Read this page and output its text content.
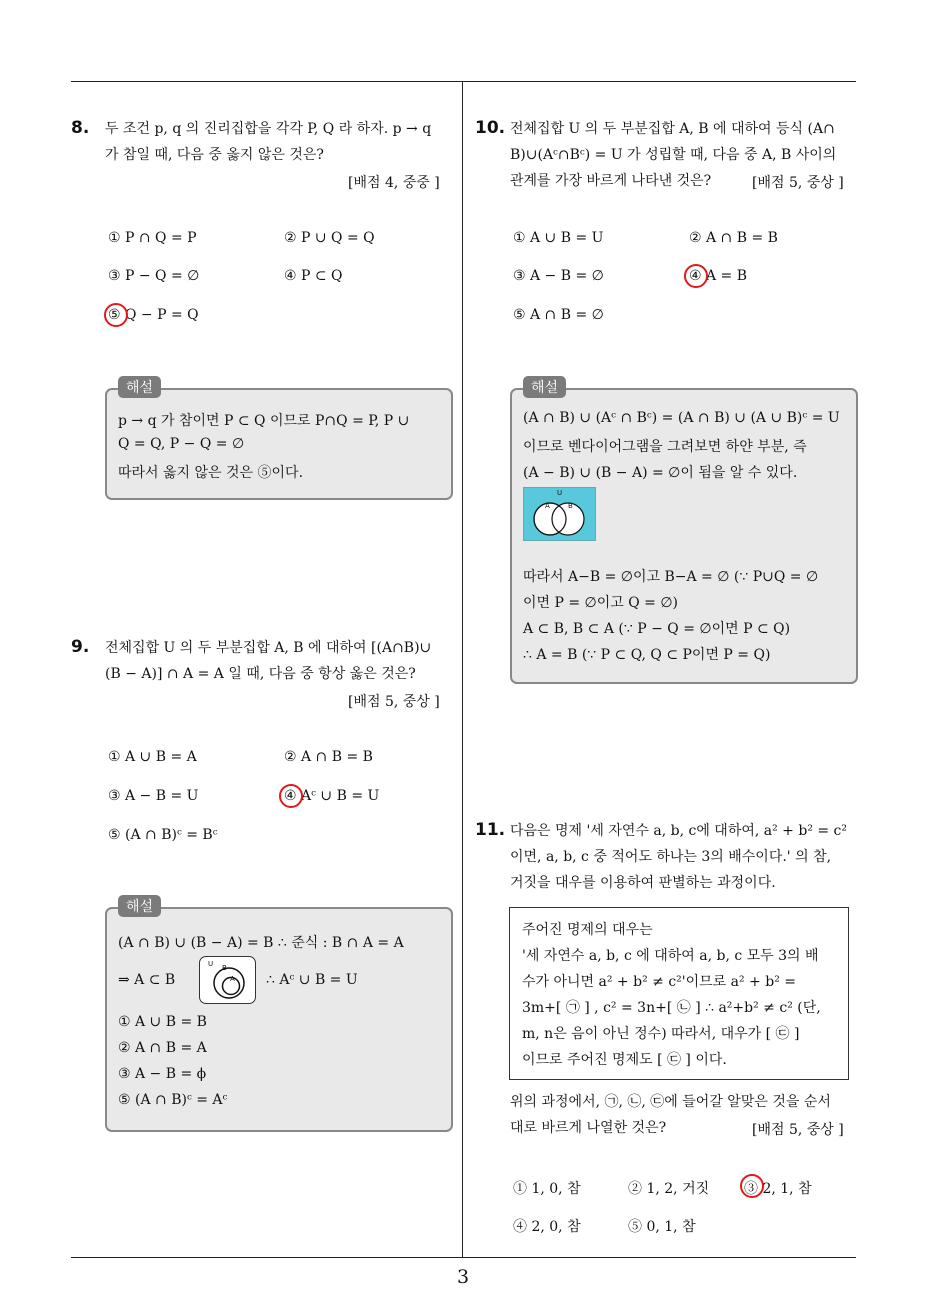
8. 두 조건 p, q 의 진리집합을 각각 P, Q 라 하자. p → q
가 참일 때, 다음 중 옳지 않은 것은?
[배점 4, 중중 ]
① P ∩ Q = P	② P ∪ Q = Q
③ P − Q = ∅	④ P ⊂ Q
⑤ Q − P = Q
해설
p → q 가 참이면 P ⊂ Q 이므로 P∩Q = P, P ∪
Q = Q, P − Q = ∅
따라서 옳지 않은 것은 ⑤이다.
9. 전체집합 U 의 두 부분집합 A, B 에 대하여 [(A∩B)∪
(B − A)] ∩ A = A 일 때, 다음 중 항상 옳은 것은?
[배점 5, 중상 ]
① A ∪ B = A	② A ∩ B = B
③ A − B = U	④ Aᶜ ∪ B = U
⑤ (A ∩ B)ᶜ = Bᶜ
해설
(A ∩ B) ∪ (B − A) = B ∴ 준식 : B ∩ A = A
⇒ A ⊂ B
U B
A ∴ Aᶜ ∪ B = U
① A ∪ B = B
② A ∩ B = A
③ A − B = ϕ
⑤ (A ∩ B)ᶜ = Aᶜ
10. 전체집합 U 의 두 부분집합 A, B 에 대하여 등식 (A∩
B)∪(Aᶜ∩Bᶜ) = U 가 성립할 때, 다음 중 A, B 사이의
관계를 가장 바르게 나타낸 것은?	[배점 5, 중상 ]
① A ∪ B = U	② A ∩ B = B
③ A − B = ∅	④ A = B
⑤ A ∩ B = ∅
해설
(A ∩ B) ∪ (Aᶜ ∩ Bᶜ) = (A ∩ B) ∪ (A ∪ B)ᶜ = U
이므로 벤다이어그램을 그려보면 하얀 부분, 즉
(A − B) ∪ (B − A) = ∅이 됨을 알 수 있다.
U
A	B
따라서 A−B = ∅이고 B−A = ∅ (∵ P∪Q = ∅
이면 P = ∅이고 Q = ∅)
A ⊂ B, B ⊂ A (∵ P − Q = ∅이면 P ⊂ Q)
∴ A = B (∵ P ⊂ Q, Q ⊂ P이면 P = Q)
11. 다음은 명제 '세 자연수 a, b, c에 대하여, a² + b² = c²
이면, a, b, c 중 적어도 하나는 3의 배수이다.' 의 참,
거짓을 대우를 이용하여 판별하는 과정이다.
주어진 명제의 대우는
'세 자연수 a, b, c 에 대하여 a, b, c 모두 3의 배
수가 아니면 a² + b² ≠ c²'이므로 a² + b² =
3m+[ ㉠ ] , c² = 3n+[ ㉡ ] ∴ a²+b² ≠ c² (단,
m, n은 음이 아닌 정수) 따라서, 대우가 [ ㉢ ]
이므로 주어진 명제도 [ ㉢ ] 이다.
위의 과정에서, ㉠, ㉡, ㉢에 들어갈 알맞은 것을 순서
대로 바르게 나열한 것은?	[배점 5, 중상 ]
① 1, 0, 참	② 1, 2, 거짓 ③ 2, 1, 참
④ 2, 0, 참	⑤ 0, 1, 참
3
